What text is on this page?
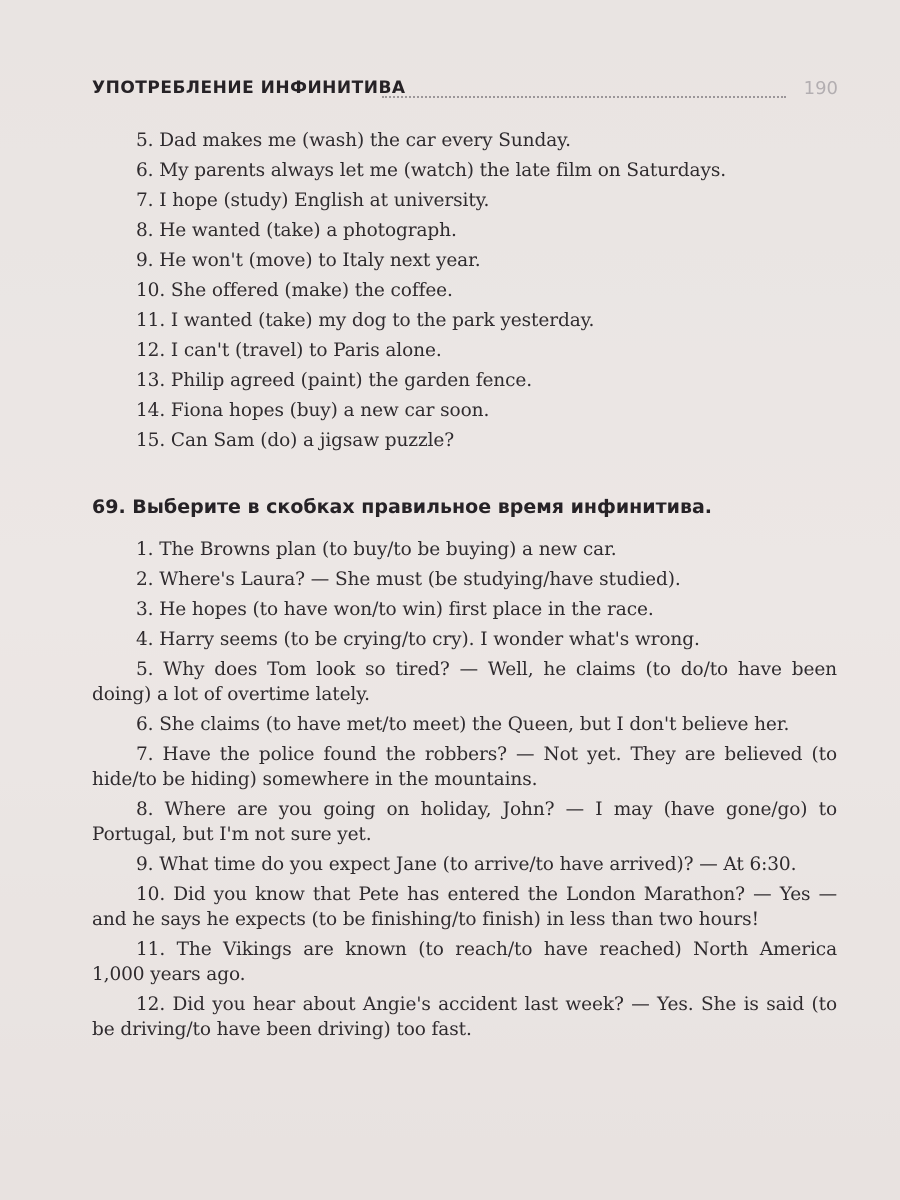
УПОТРЕБЛЕНИЕ ИНФИНИТИВА	190

5. Dad makes me (wash) the car every Sunday.

6. My parents always let me (watch) the late film on Saturdays.

7. I hope (study) English at university.

8. He wanted (take) a photograph.

9. He won't (move) to Italy next year.

10. She offered (make) the coffee.

11. I wanted (take) my dog to the park yesterday.

12. I can't (travel) to Paris alone.

13. Philip agreed (paint) the garden fence.

14. Fiona hopes (buy) a new car soon.

15. Can Sam (do) a jigsaw puzzle?

69. Выберите в скобках правильное время инфинитива.

1. The Browns plan (to buy/to be buying) a new car.

2. Where's Laura? — She must (be studying/have studied).

3. He hopes (to have won/to win) first place in the race.

4. Harry seems (to be crying/to cry). I wonder what's wrong.

5. Why does Tom look so tired? — Well, he claims (to do/to have been doing) a lot of overtime lately.

6. She claims (to have met/to meet) the Queen, but I don't believe her.

7. Have the police found the robbers? — Not yet. They are believed (to hide/to be hiding) somewhere in the mountains.

8. Where are you going on holiday, John? — I may (have gone/go) to Portugal, but I'm not sure yet.

9. What time do you expect Jane (to arrive/to have arrived)? — At 6:30.

10. Did you know that Pete has entered the London Marathon? — Yes — and he says he expects (to be finishing/to finish) in less than two hours!

11. The Vikings are known (to reach/to have reached) North America 1,000 years ago.

12. Did you hear about Angie's accident last week? — Yes. She is said (to be driving/to have been driving) too fast.
